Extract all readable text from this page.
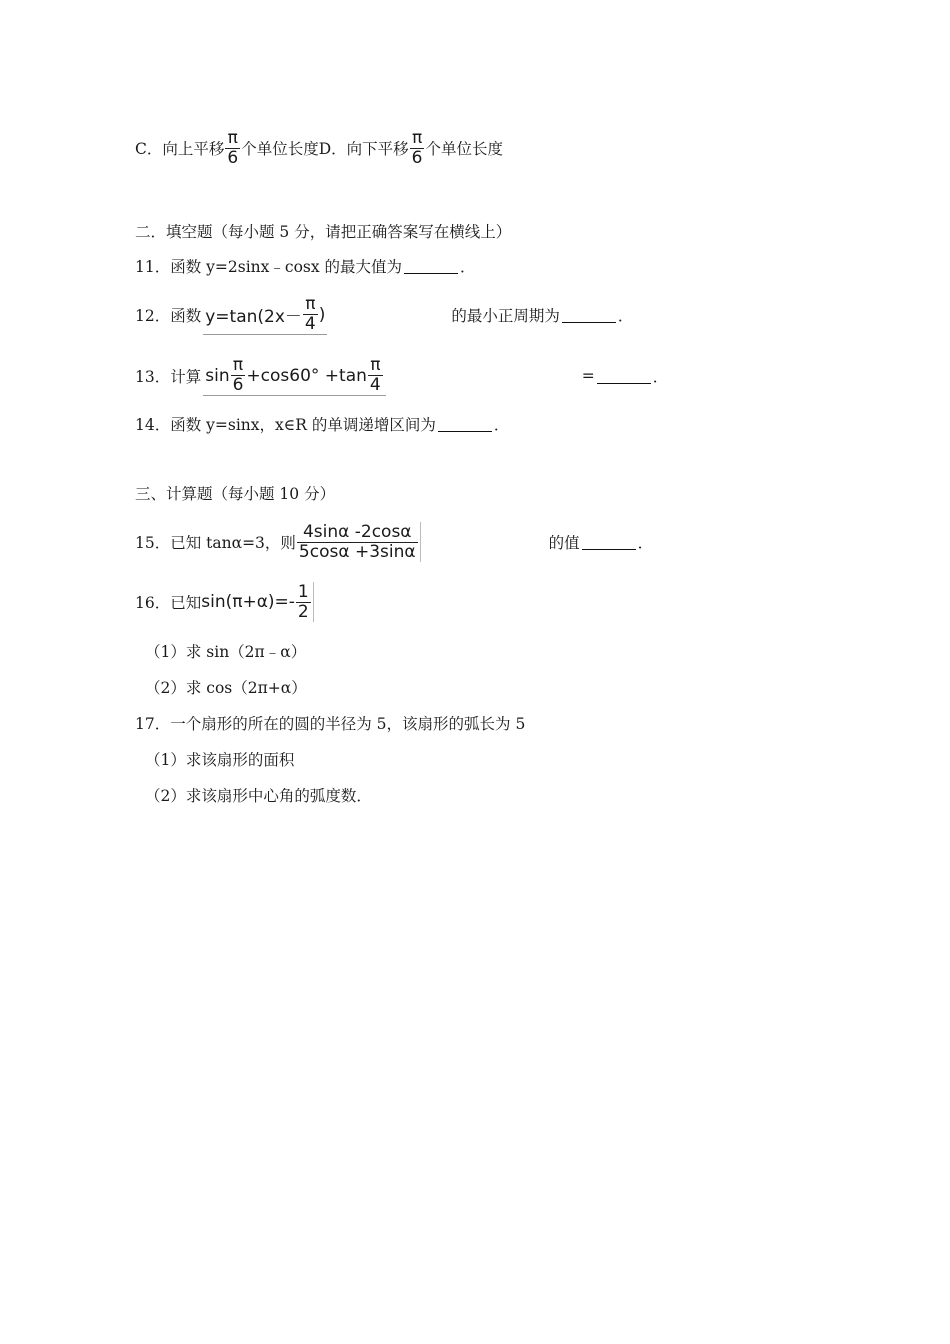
C．向上平移 $\frac{\pi}{6}$ 个单位长度 D．向下平移 $\frac{\pi}{6}$ 个单位长度
二．填空题（每小题 5 分，请把正确答案写在横线上）
11．函数 y=2sinx﹣cosx 的最大值为	．
12．函数 $y=\tan(2x- \frac{\pi}{4}$ )	的最小正周期为	．
13．计算 $\sin \frac{\pi}{6} +\cos 60^\circ +\tan \frac{\pi}{4}$	=	．
14．函数 y=sinx，x∈R 的单调递增区间为	．
三、计算题（每小题 10 分）
15．已知 tanα=3，则 $\frac{4\sin\alpha -2\cos\alpha}{5\cos\alpha +3\sin\alpha}$	的值	．
16．已知 $\sin(\pi+\alpha)=- \frac{1}{2}$
（1）求 sin（2π﹣α）
（2）求 cos（2π+α）
17．一个扇形的所在的圆的半径为 5，该扇形的弧长为 5
（1）求该扇形的面积
（2）求该扇形中心角的弧度数．
